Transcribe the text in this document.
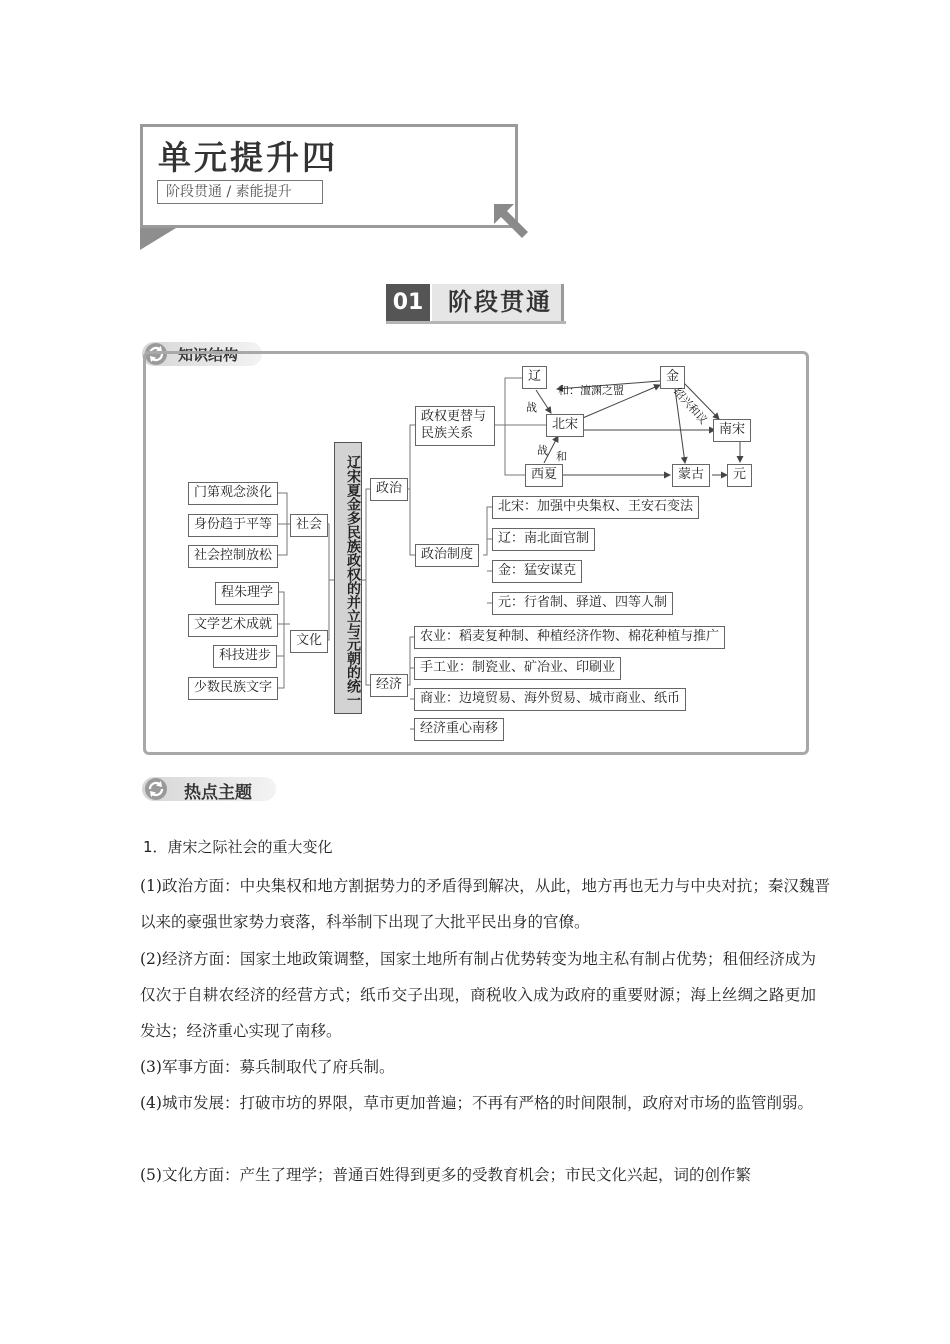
单元提升四
阶段贯通 / 素能提升
01	阶段贯通
知识结构
门第观念淡化
身份趋于平等
社会控制放松
社会
程朱理学
文学艺术成就
科技进步
少数民族文字
文化	辽宋夏金多民族政权的并立与元朝的统一	政治
政权更替与民族关系
政治制度
辽	金
北宋	南宋
西夏	蒙古	元
和：澶渊之盟
战
战 和
绍兴和议
北宋：加强中央集权、王安石变法
辽：南北面官制
金：猛安谋克
元：行省制、驿道、四等人制
经济
农业：稻麦复种制、种植经济作物、棉花种植与推广
手工业：制瓷业、矿冶业、印刷业
商业：边境贸易、海外贸易、城市商业、纸币
经济重心南移
热点主题
1．唐宋之际社会的重大变化
(1)政治方面：中央集权和地方割据势力的矛盾得到解决，从此，地方再也无力与中央对抗；秦汉魏晋以来的豪强世家势力衰落，科举制下出现了大批平民出身的官僚。
(2)经济方面：国家土地政策调整，国家土地所有制占优势转变为地主私有制占优势；租佃经济成为仅次于自耕农经济的经营方式；纸币交子出现，商税收入成为政府的重要财源；海上丝绸之路更加发达；经济重心实现了南移。
(3)军事方面：募兵制取代了府兵制。
(4)城市发展：打破市坊的界限，草市更加普遍；不再有严格的时间限制，政府对市场的监管削弱。
(5)文化方面：产生了理学；普通百姓得到更多的受教育机会；市民文化兴起，词的创作繁
